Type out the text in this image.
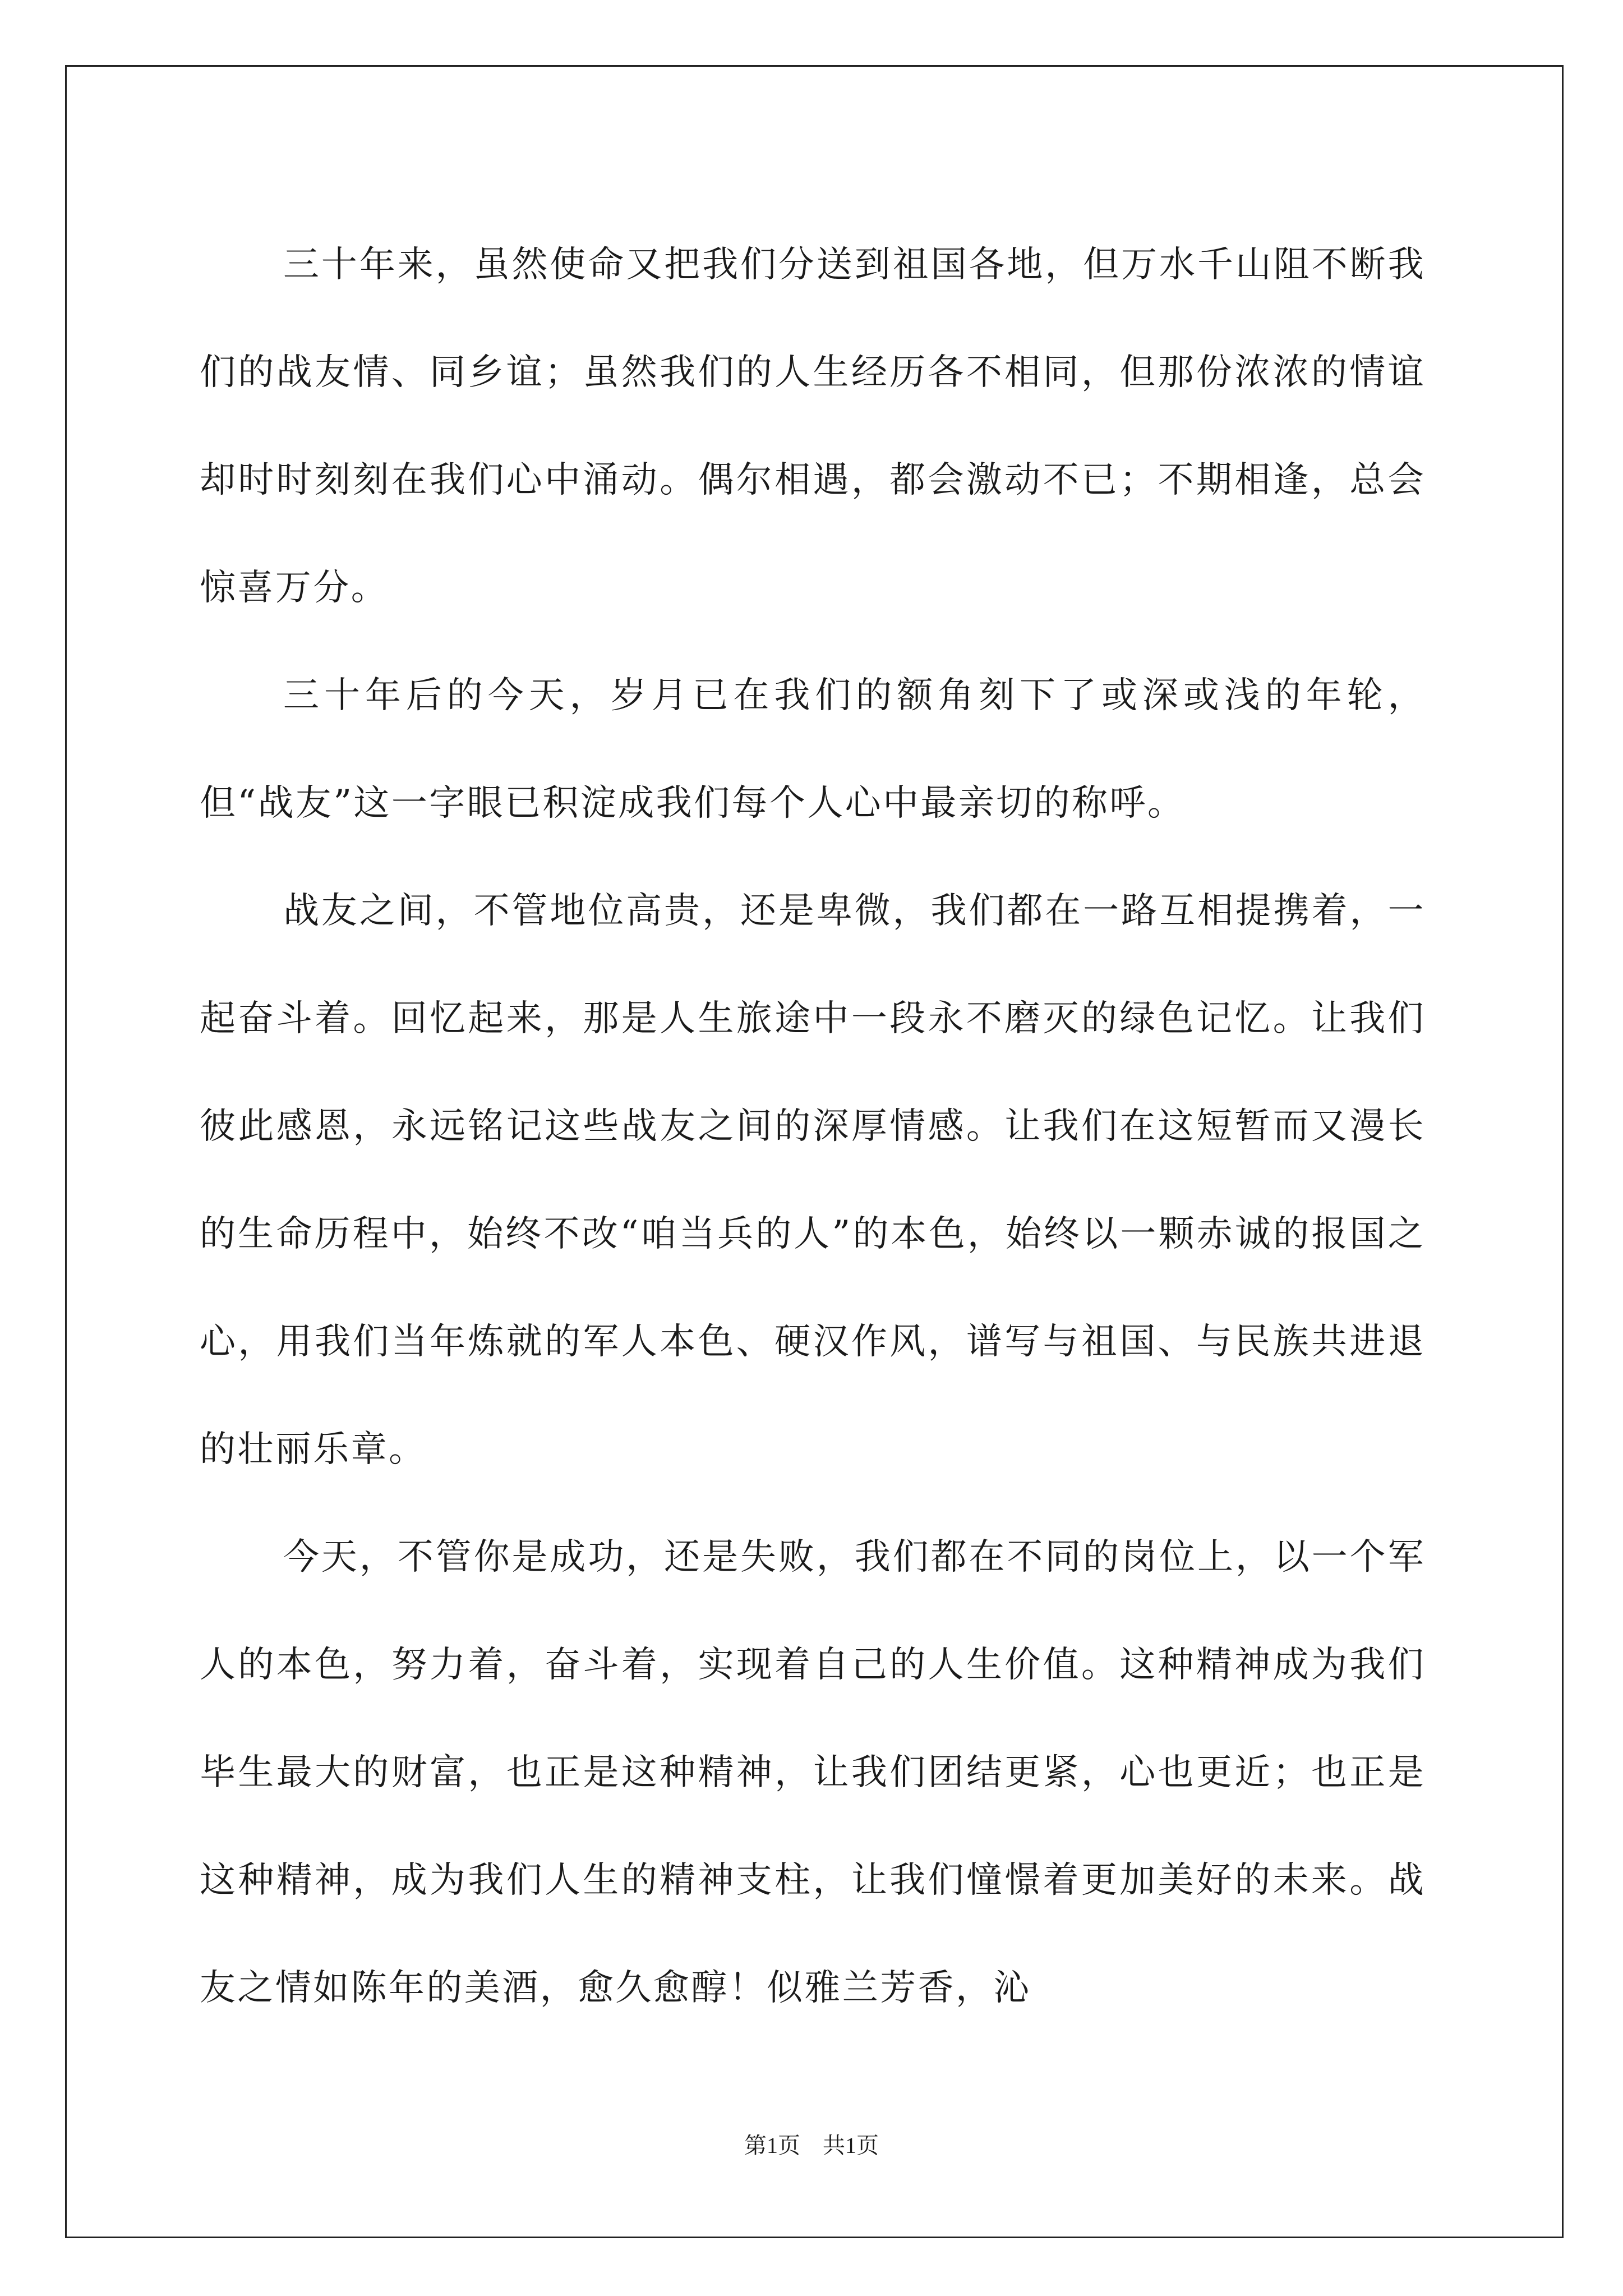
三十年来，虽然使命又把我们分送到祖国各地，但万水千山阻不断我们的战友情、同乡谊；虽然我们的人生经历各不相同，但那份浓浓的情谊却时时刻刻在我们心中涌动。偶尔相遇，都会激动不已；不期相逢，总会惊喜万分。

三十年后的今天，岁月已在我们的额角刻下了或深或浅的年轮，但“战友”这一字眼已积淀成我们每个人心中最亲切的称呼。

战友之间，不管地位高贵，还是卑微，我们都在一路互相提携着，一起奋斗着。回忆起来，那是人生旅途中一段永不磨灭的绿色记忆。让我们彼此感恩，永远铭记这些战友之间的深厚情感。让我们在这短暂而又漫长的生命历程中，始终不改“咱当兵的人”的本色，始终以一颗赤诚的报国之心，用我们当年炼就的军人本色、硬汉作风，谱写与祖国、与民族共进退的壮丽乐章。

今天，不管你是成功，还是失败，我们都在不同的岗位上，以一个军人的本色，努力着，奋斗着，实现着自己的人生价值。这种精神成为我们毕生最大的财富，也正是这种精神，让我们团结更紧，心也更近；也正是这种精神，成为我们人生的精神支柱，让我们憧憬着更加美好的未来。战友之情如陈年的美酒，愈久愈醇！似雅兰芳香，沁

第1页　共1页
